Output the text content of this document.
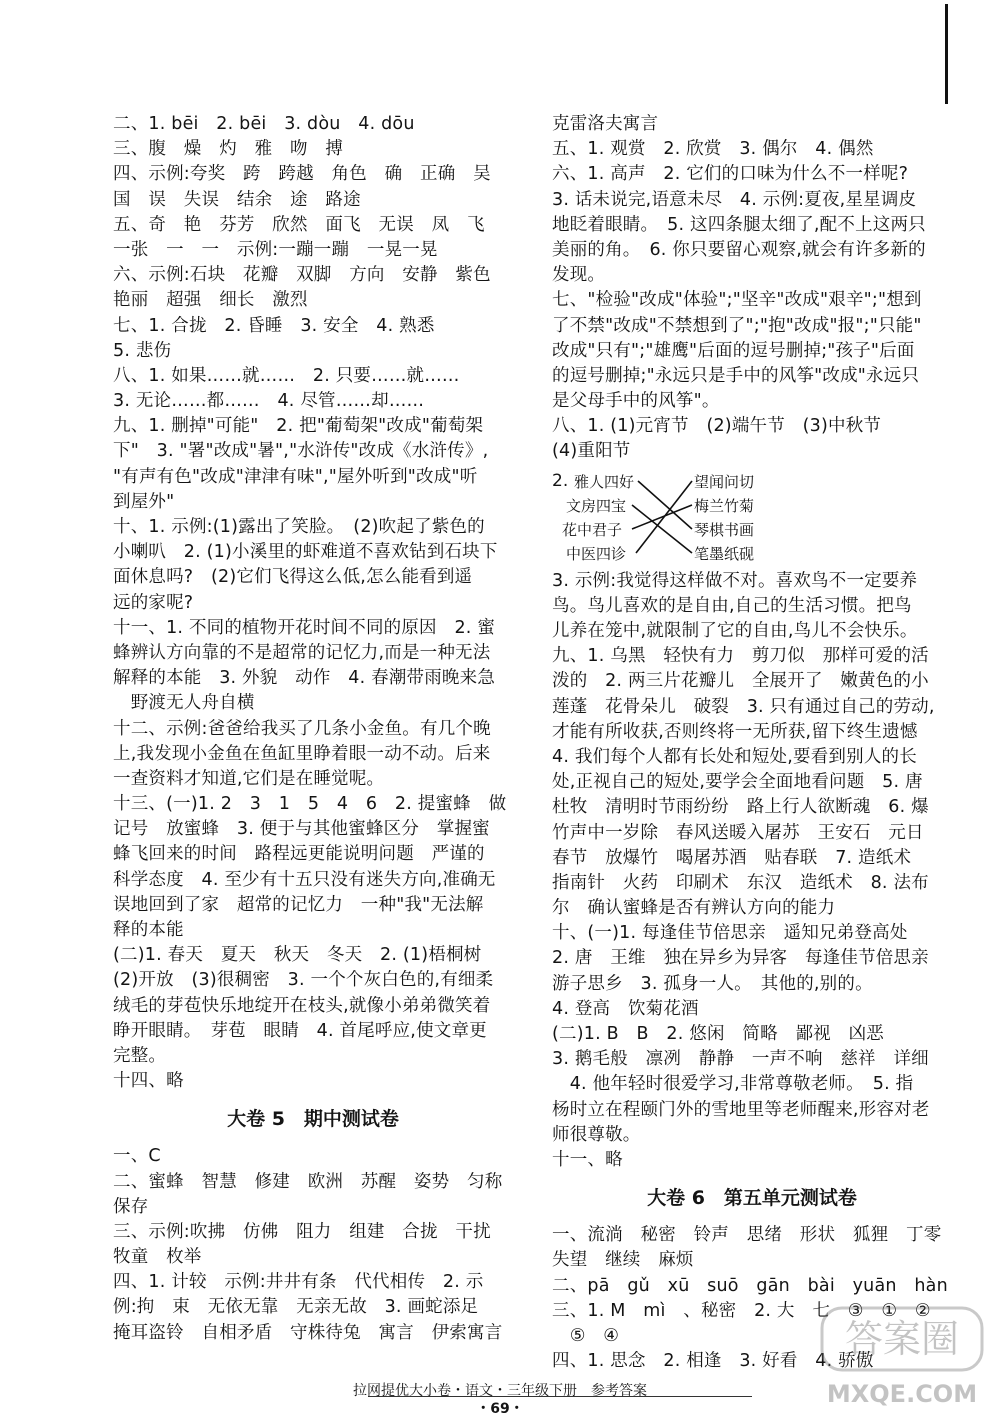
二、1. bēi　2. bēi　3. dòu　4. dōu
三、腹　燥　灼　雅　吻　搏
四、示例:夸奖　跨　跨越　角色　确　正确　吴
国　误　失误　结余　途　路途
五、奇　艳　芬芳　欣然　面飞　无误　凤　飞
一张　一　一　示例:一蹦一蹦　一晃一晃
六、示例:石块　花瓣　双脚　方向　安静　紫色
艳丽　超强　细长　激烈
七、1. 合拢　2. 昏睡　3. 安全　4. 熟悉
5. 悲伤
八、1. 如果……就……　2. 只要……就……
3. 无论……都……　4. 尽管……却……
九、1. 删掉"可能"　2. 把"葡萄架"改成"葡萄架
下"　3. "署"改成"暑","水浒传"改成《水浒传》,
"有声有色"改成"津津有味","屋外听到"改成"听
到屋外"
十、1. 示例:(1)露出了笑脸。　(2)吹起了紫色的
小喇叭　2. (1)小溪里的虾难道不喜欢钻到石块下
面休息吗?　(2)它们飞得这么低,怎么能看到遥
远的家呢?
十一、1. 不同的植物开花时间不同的原因　2. 蜜
蜂辨认方向靠的不是超常的记忆力,而是一种无法
解释的本能　3. 外貌　动作　4. 春潮带雨晚来急
　野渡无人舟自横
十二、示例:爸爸给我买了几条小金鱼。有几个晚
上,我发现小金鱼在鱼缸里睁着眼一动不动。后来
一查资料才知道,它们是在睡觉呢。
十三、(一)1. 2　3　1　5　4　6　2. 提蜜蜂　做
记号　放蜜蜂　3. 便于与其他蜜蜂区分　掌握蜜
蜂飞回来的时间　路程远更能说明问题　严谨的
科学态度　4. 至少有十五只没有迷失方向,准确无
误地回到了家　超常的记忆力　一种"我"无法解
释的本能
(二)1. 春天　夏天　秋天　冬天　2. (1)梧桐树
(2)开放　(3)很稠密　3. 一个个灰白色的,有细柔
绒毛的芽苞快乐地绽开在枝头,就像小弟弟微笑着
睁开眼睛。　芽苞　眼睛　4. 首尾呼应,使文章更
完整。
十四、略
大卷 5　期中测试卷
一、C
二、蜜蜂　智慧　修建　欧洲　苏醒　姿势　匀称
保存
三、示例:吹拂　仿佛　阻力　组建　合拢　干扰
牧童　枚举
四、1. 计较　示例:井井有条　代代相传　2. 示
例:拘　束　无依无靠　无亲无故　3. 画蛇添足
掩耳盗铃　自相矛盾　守株待兔　寓言　伊索寓言
克雷洛夫寓言
五、1. 观赏　2. 欣赏　3. 偶尔　4. 偶然
六、1. 高声　2. 它们的口味为什么不一样呢?
3. 话未说完,语意未尽　4. 示例:夏夜,星星调皮
地眨着眼睛。　5. 这四条腿太细了,配不上这两只
美丽的角。　6. 你只要留心观察,就会有许多新的
发现。
七、"检验"改成"体验";"坚辛"改成"艰辛";"想到
了不禁"改成"不禁想到了";"抱"改成"报";"只能"
改成"只有";"雄鹰"后面的逗号删掉;"孩子"后面
的逗号删掉;"永远只是手中的风筝"改成"永远只
是父母手中的风筝"。
八、1. (1)元宵节　(2)端午节　(3)中秋节
(4)重阳节
2. 雅人四好
文房四宝
花中君子
中医四诊
望闻问切
梅兰竹菊
琴棋书画
笔墨纸砚
3. 示例:我觉得这样做不对。喜欢鸟不一定要养
鸟。鸟儿喜欢的是自由,自己的生活习惯。把鸟
儿养在笼中,就限制了它的自由,鸟儿不会快乐。
九、1. 乌黑　轻快有力　剪刀似　那样可爱的活
泼的　2. 两三片花瓣儿　全展开了　嫩黄色的小
莲蓬　花骨朵儿　破裂　3. 只有通过自己的劳动,
才能有所收获,否则终将一无所获,留下终生遗憾
4. 我们每个人都有长处和短处,要看到别人的长
处,正视自己的短处,要学会全面地看问题　5. 唐
杜牧　清明时节雨纷纷　路上行人欲断魂　6. 爆
竹声中一岁除　春风送暖入屠苏　王安石　元日
春节　放爆竹　喝屠苏酒　贴春联　7. 造纸术
指南针　火药　印刷术　东汉　造纸术　8. 法布
尔　确认蜜蜂是否有辨认方向的能力
十、(一)1. 每逢佳节倍思亲　遥知兄弟登高处
2. 唐　王维　独在异乡为异客　每逢佳节倍思亲
游子思乡　3. 孤身一人。　其他的,别的。
4. 登高　饮菊花酒
(二)1. B　B　2. 悠闲　简略　鄙视　凶恶
3. 鹅毛般　凛冽　静静　一声不响　慈祥　详细
　4. 他年轻时很爱学习,非常尊敬老师。　5. 指
杨时立在程颐门外的雪地里等老师醒来,形容对老
师很尊敬。
十一、略
大卷 6　第五单元测试卷
一、流淌　秘密　铃声　思绪　形状　狐狸　丁零
失望　继续　麻烦
二、pā　gǔ　xū　suō　gān　bài　yuān　hàn
三、1. M　mì　、秘密　2. 大　七　③　①　②
　⑤　④
四、1. 思念　2. 相逢　3. 好看　4. 骄傲
拉网提优大小卷・语文・三年级下册　参考答案
・69・
答案圈
MXQE.COM
